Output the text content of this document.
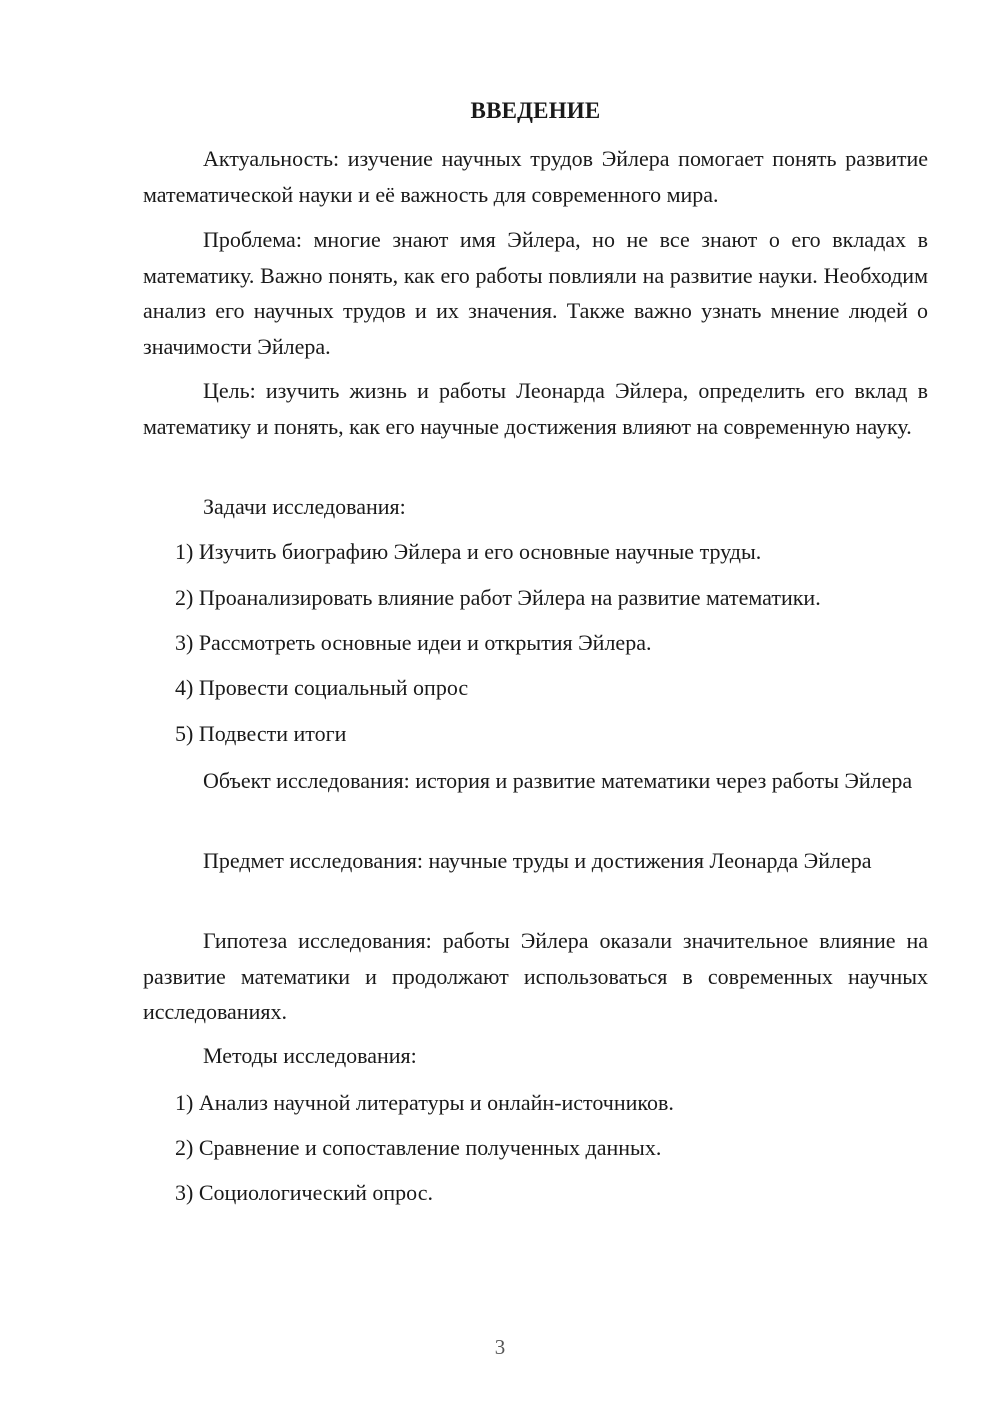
ВВЕДЕНИЕ

Актуальность: изучение научных трудов Эйлера помогает понять развитие математической науки и её важность для современного мира.

Проблема: многие знают имя Эйлера, но не все знают о его вкладах в математику. Важно понять, как его работы повлияли на развитие науки. Необходим анализ его научных трудов и их значения. Также важно узнать мнение людей о значимости Эйлера.

Цель: изучить жизнь и работы Леонарда Эйлера, определить его вклад в математику и понять, как его научные достижения влияют на современную науку.

Задачи исследования:

1) Изучить биографию Эйлера и его основные научные труды.

2) Проанализировать влияние работ Эйлера на развитие математики.

3) Рассмотреть основные идеи и открытия Эйлера.

4) Провести социальный опрос

5) Подвести итоги

Объект исследования: история и развитие математики через работы Эйлера

Предмет исследования: научные труды и достижения Леонарда Эйлера

Гипотеза исследования: работы Эйлера оказали значительное влияние на развитие математики и продолжают использоваться в современных научных исследованиях.

Методы исследования:

1) Анализ научной литературы и онлайн-источников.

2) Сравнение и сопоставление полученных данных.

3) Социологический опрос.

3
